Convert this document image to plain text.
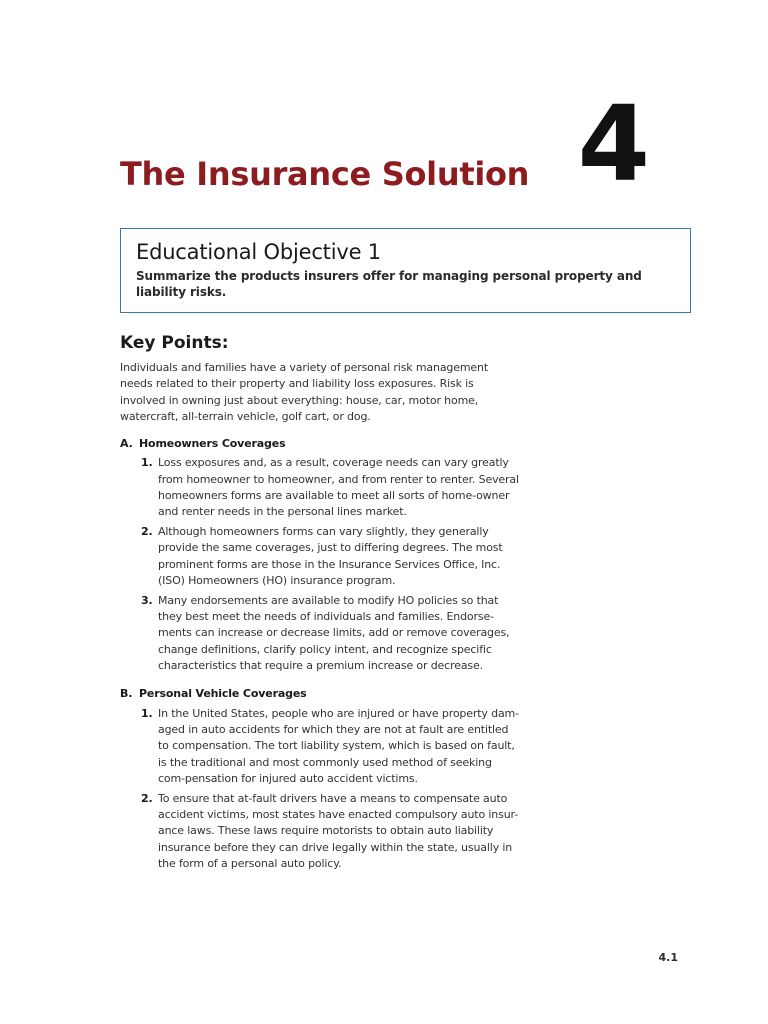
The Insurance Solution 4
Educational Objective 1

Summarize the products insurers offer for managing personal property and liability risks.

Key Points:

Individuals and families have a variety of personal risk management needs related to their property and liability loss exposures. Risk is involved in owning just about everything: house, car, motor home, watercraft, all-terrain vehicle, golf cart, or dog.

A. Homeowners Coverages

1. Loss exposures and, as a result, coverage needs can vary greatly from homeowner to homeowner, and from renter to renter. Several homeowners forms are available to meet all sorts of home-owner and renter needs in the personal lines market.
2. Although homeowners forms can vary slightly, they generally provide the same coverages, just to differing degrees. The most prominent forms are those in the Insurance Services Office, Inc. (ISO) Homeowners (HO) insurance program.
3. Many endorsements are available to modify HO policies so that they best meet the needs of individuals and families. Endorse-ments can increase or decrease limits, add or remove coverages, change definitions, clarify policy intent, and recognize specific characteristics that require a premium increase or decrease.

B. Personal Vehicle Coverages

1. In the United States, people who are injured or have property dam-aged in auto accidents for which they are not at fault are entitled to compensation. The tort liability system, which is based on fault, is the traditional and most commonly used method of seeking com-pensation for injured auto accident victims.
2. To ensure that at-fault drivers have a means to compensate auto accident victims, most states have enacted compulsory auto insur-ance laws. These laws require motorists to obtain auto liability insurance before they can drive legally within the state, usually in the form of a personal auto policy.
4.1
